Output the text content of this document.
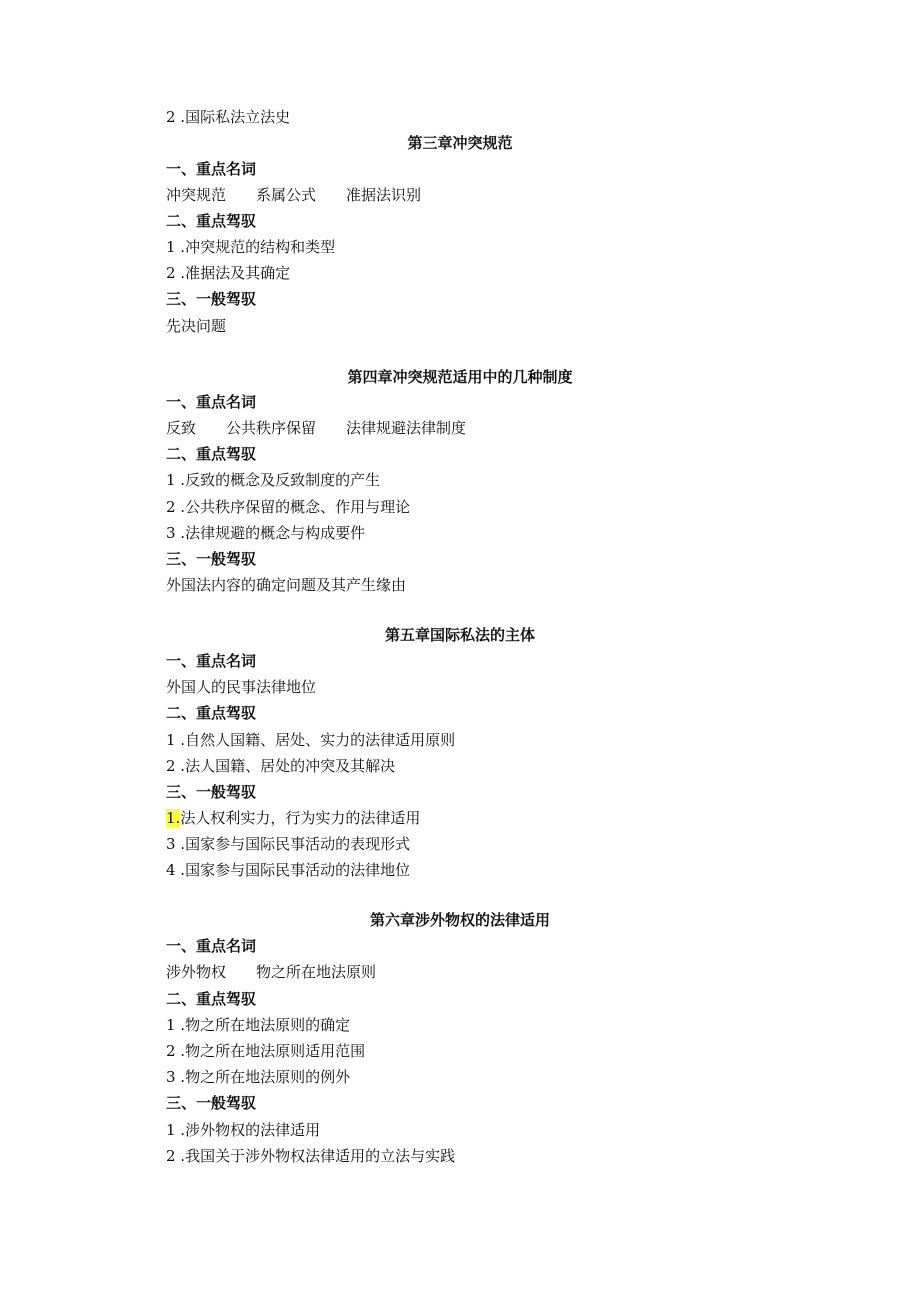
2 .国际私法立法史

第三章冲突规范

一、重点名词

冲突规范 系属公式 准据法识别

二、重点驾驭

1 .冲突规范的结构和类型

2 .准据法及其确定

三、一般驾驭

先决问题

第四章冲突规范适用中的几种制度

一、重点名词

反致 公共秩序保留 法律规避法律制度

二、重点驾驭

1 .反致的概念及反致制度的产生

2 .公共秩序保留的概念、作用与理论

3 .法律规避的概念与构成要件

三、一般驾驭

外国法内容的确定问题及其产生缘由

第五章国际私法的主体

一、重点名词

外国人的民事法律地位

二、重点驾驭

1 .自然人国籍、居处、实力的法律适用原则

2 .法人国籍、居处的冲突及其解决

三、一般驾驭

1.法人权利实力，行为实力的法律适用

3 .国家参与国际民事活动的表现形式

4 .国家参与国际民事活动的法律地位

第六章涉外物权的法律适用

一、重点名词

涉外物权 物之所在地法原则

二、重点驾驭

1 .物之所在地法原则的确定

2 .物之所在地法原则适用范围

3 .物之所在地法原则的例外

三、一般驾驭

1 .涉外物权的法律适用

2 .我国关于涉外物权法律适用的立法与实践
